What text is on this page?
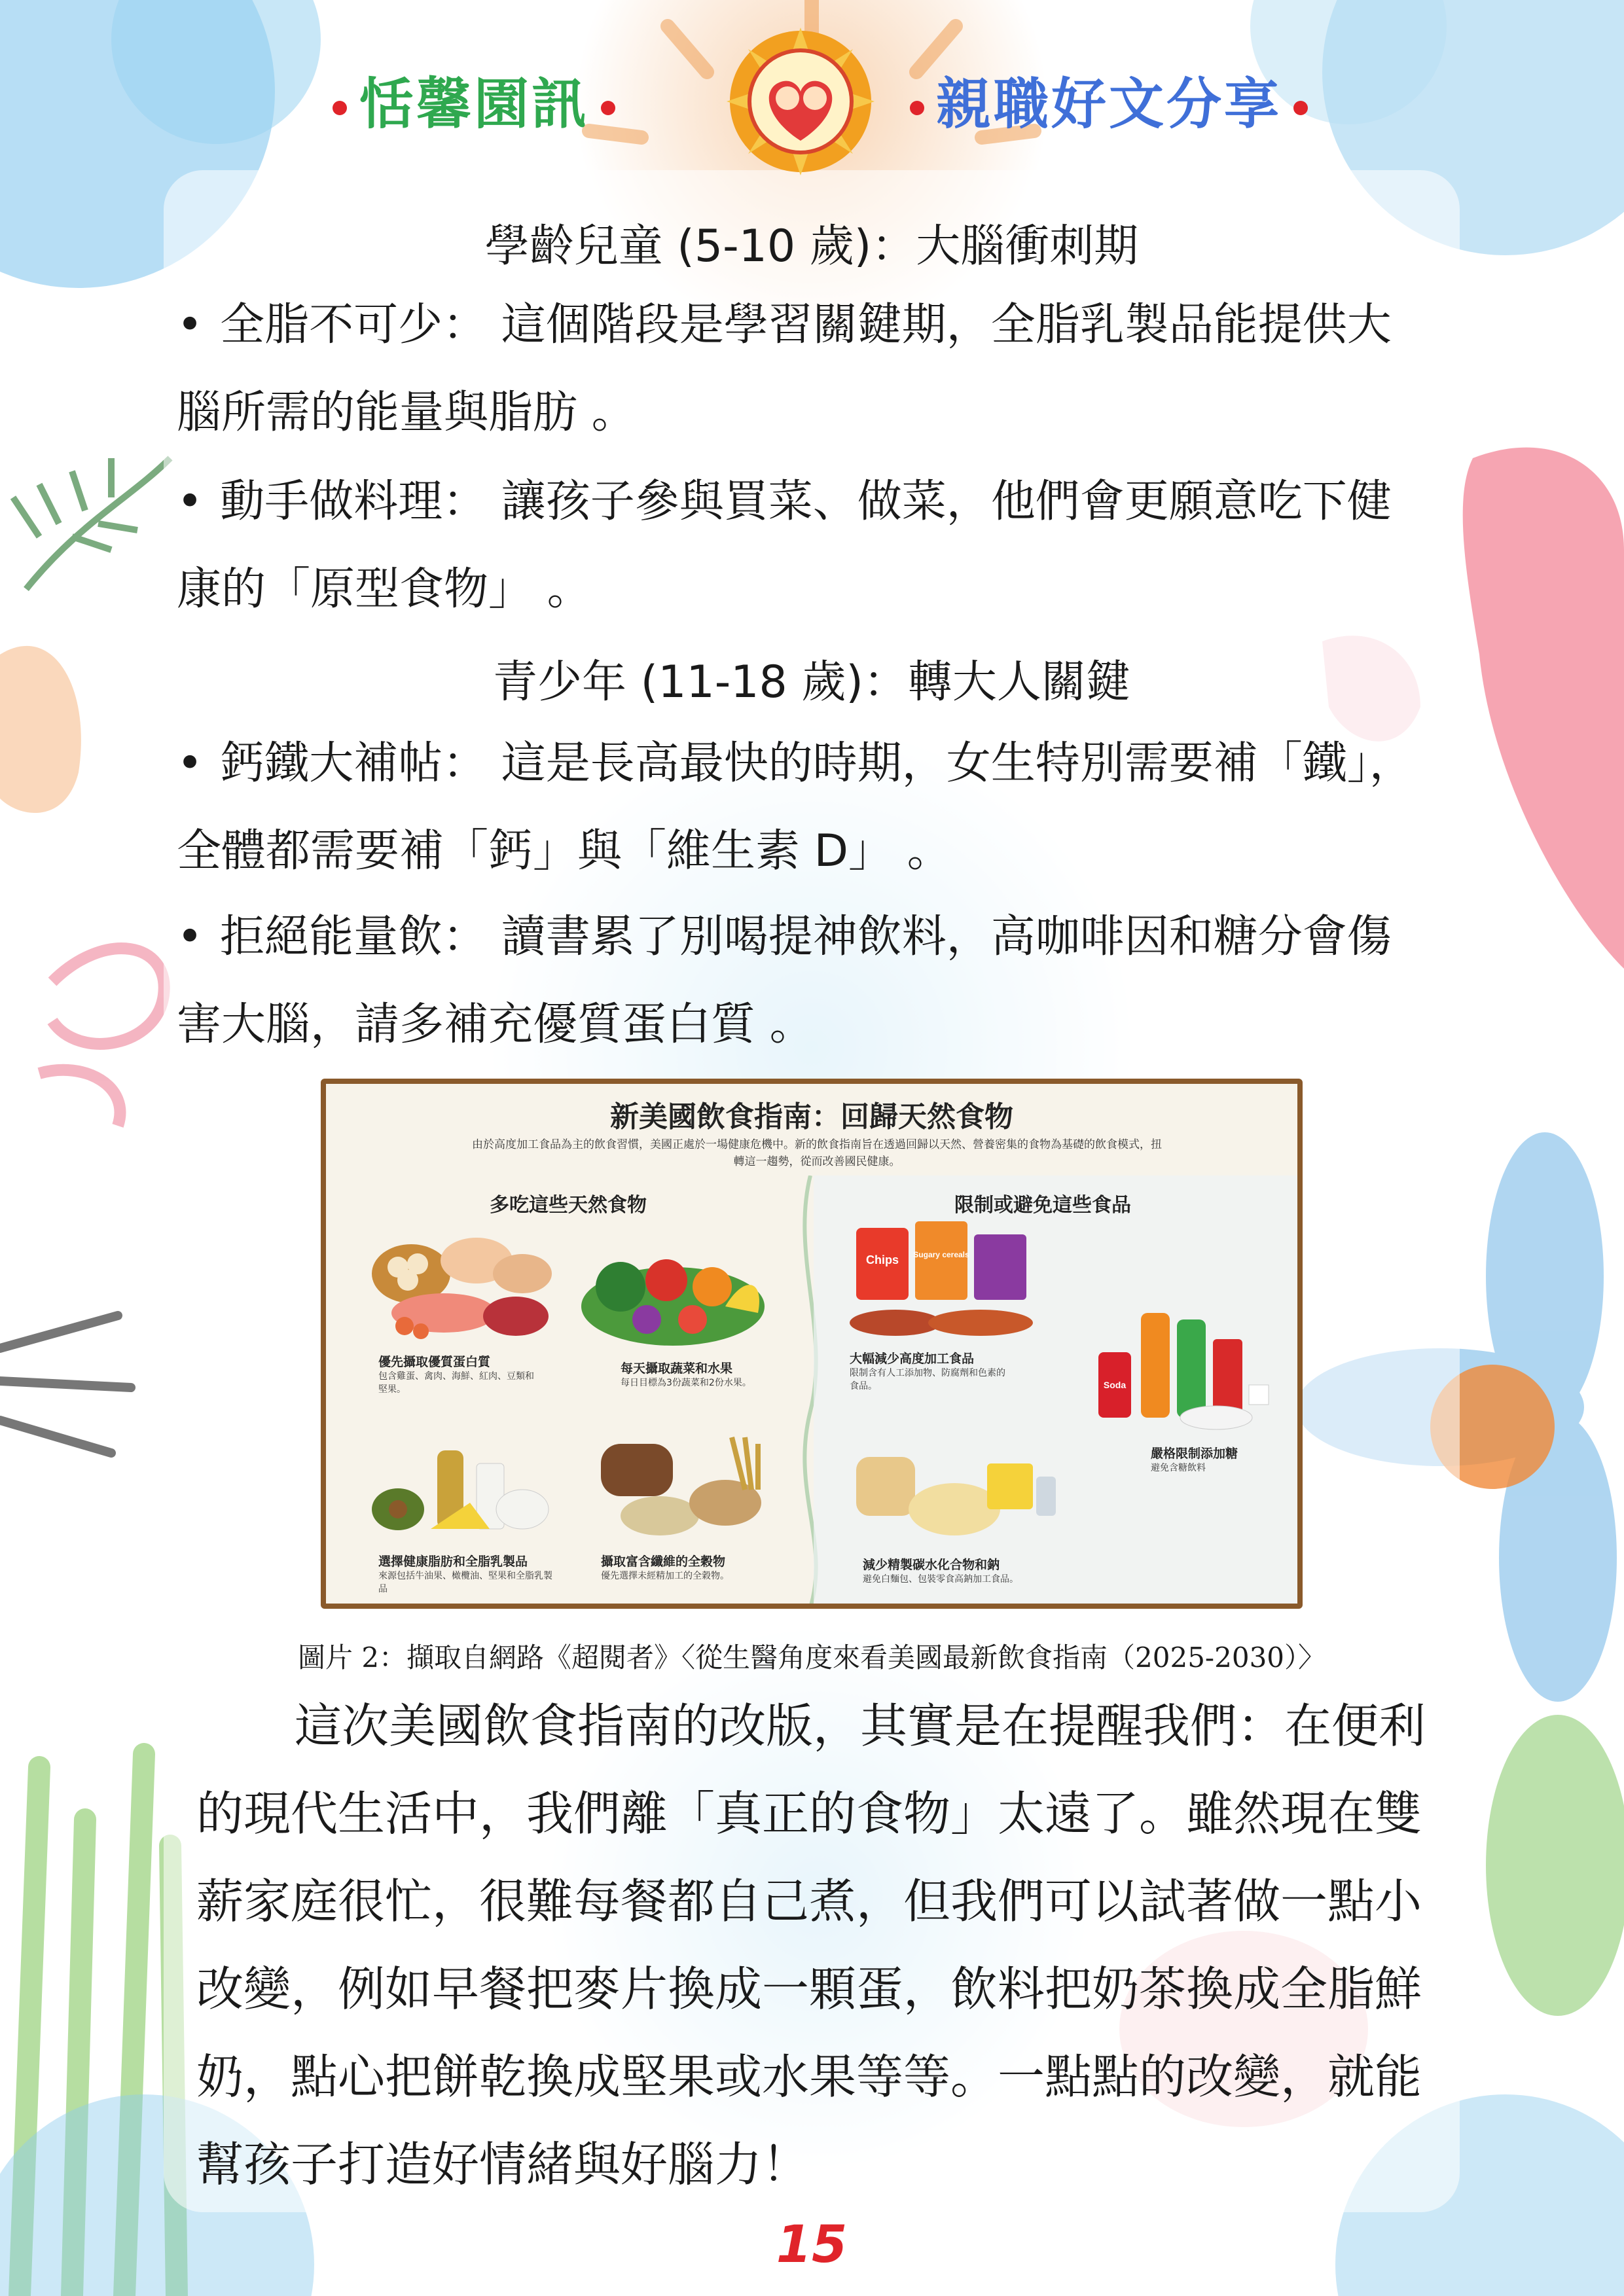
恬馨園訊	親職好文分享
學齡兒童 (5-10 歲)：大腦衝刺期
• 全脂不可少： 這個階段是學習關鍵期，全脂乳製品能提供大腦所需的能量與脂肪 。
• 動手做料理： 讓孩子參與買菜、做菜，他們會更願意吃下健康的「原型食物」 。
青少年 (11-18 歲)：轉大人關鍵
• 鈣鐵大補帖： 這是長高最快的時期，女生特別需要補「鐵」，全體都需要補「鈣」與「維生素 D」 。
• 拒絕能量飲： 讀書累了別喝提神飲料，高咖啡因和糖分會傷害大腦，請多補充優質蛋白質 。
新美國飲食指南：回歸天然食物
由於高度加工食品為主的飲食習慣，美國正處於一場健康危機中。新的飲食指南旨在透過回歸以天然、營養密集的食物為基礎的飲食模式，扭轉這一趨勢，從而改善國民健康。
多吃這些天然食物	限制或避免這些食品
優先攝取優質蛋白質
包含雞蛋、禽肉、海鮮、紅肉、豆類和堅果。
每天攝取蔬菜和水果
每日目標為3份蔬菜和2份水果。
選擇健康脂肪和全脂乳製品
來源包括牛油果、橄欖油、堅果和全脂乳製品
攝取富含纖維的全穀物
優先選擇未經精加工的全穀物。
Chips Sugary cereals
大幅減少高度加工食品
限制含有人工添加物、防腐劑和色素的食品。	Soda
嚴格限制添加糖
避免含糖飲料
減少精製碳水化合物和鈉
避免白麵包、包裝零食高鈉加工食品。
圖片 2：擷取自網路《超閱者》〈從生醫角度來看美國最新飲食指南（2025-2030）〉
這次美國飲食指南的改版，其實是在提醒我們：在便利的現代生活中，我們離「真正的食物」太遠了。雖然現在雙薪家庭很忙，很難每餐都自己煮，但我們可以試著做一點小改變，例如早餐把麥片換成一顆蛋，飲料把奶茶換成全脂鮮奶，點心把餅乾換成堅果或水果等等。一點點的改變，就能幫孩子打造好情緒與好腦力！
15
